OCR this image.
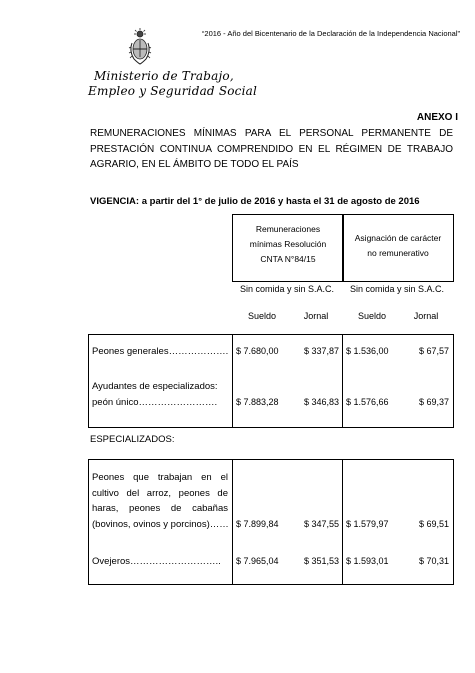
“2016 - Año del Bicentenario de la Declaración de la Independencia Nacional”
Ministerio de Trabajo,
Empleo y Seguridad Social
ANEXO I
REMUNERACIONES MÍNIMAS PARA EL PERSONAL PERMANENTE DE PRESTACIÓN CONTINUA COMPRENDIDO EN EL RÉGIMEN DE TRABAJO AGRARIO, EN EL ÁMBITO DE TODO EL PAÍS
VIGENCIA: a partir del 1° de julio de 2016 y hasta el 31 de agosto de 2016
Remuneraciones
mínimas Resolución
CNTA N°84/15
Asignación de carácter
no remunerativo
Sin comida y sin S.A.C.	Sin comida y sin S.A.C.
Sueldo	Jornal	Sueldo	Jornal
Peones generales………………. $ 7.680,00	$ 337,87 $ 1.536,00	$ 67,57
Ayudantes de especializados:
peón único……………………. $ 7.883,28	$ 346,83 $ 1.576,66	$ 69,37
ESPECIALIZADOS:
Peones que trabajan en el
cultivo del arroz, peones de
haras, peones de cabañas
(bovinos, ovinos y porcinos)…… $ 7.899,84	$ 347,55 $ 1.579,97	$ 69,51
Ovejeros……………………….. $ 7.965,04	$ 351,53 $ 1.593,01	$ 70,31
